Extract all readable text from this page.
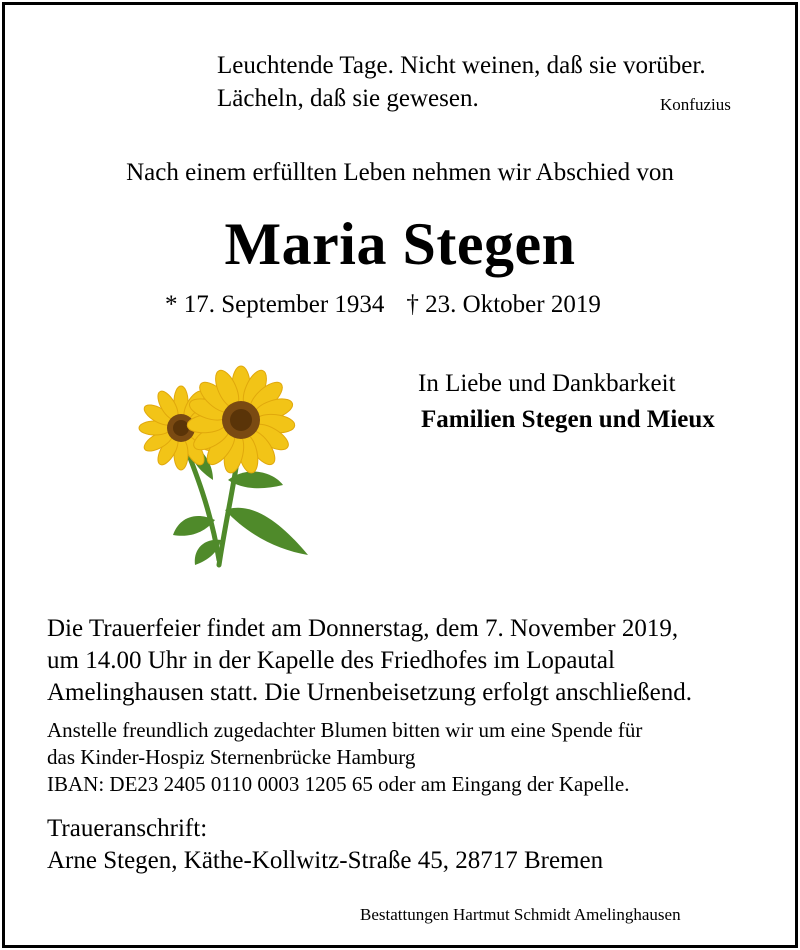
Leuchtende Tage. Nicht weinen, daß sie vorüber.
Lächeln, daß sie gewesen.	Konfuzius
Nach einem erfüllten Leben nehmen wir Abschied von
Maria Stegen
* 17. September 1934 † 23. Oktober 2019
In Liebe und Dankbarkeit
Familien Stegen und Mieux
Die Trauerfeier findet am Donnerstag, dem 7. November 2019,
um 14.00 Uhr in der Kapelle des Friedhofes im Lopautal
Amelinghausen statt. Die Urnenbeisetzung erfolgt anschließend.
Anstelle freundlich zugedachter Blumen bitten wir um eine Spende für
das Kinder-Hospiz Sternenbrücke Hamburg
IBAN: DE23 2405 0110 0003 1205 65 oder am Eingang der Kapelle.
Traueranschrift:
Arne Stegen, Käthe-Kollwitz-Straße 45, 28717 Bremen
Bestattungen Hartmut Schmidt Amelinghausen
